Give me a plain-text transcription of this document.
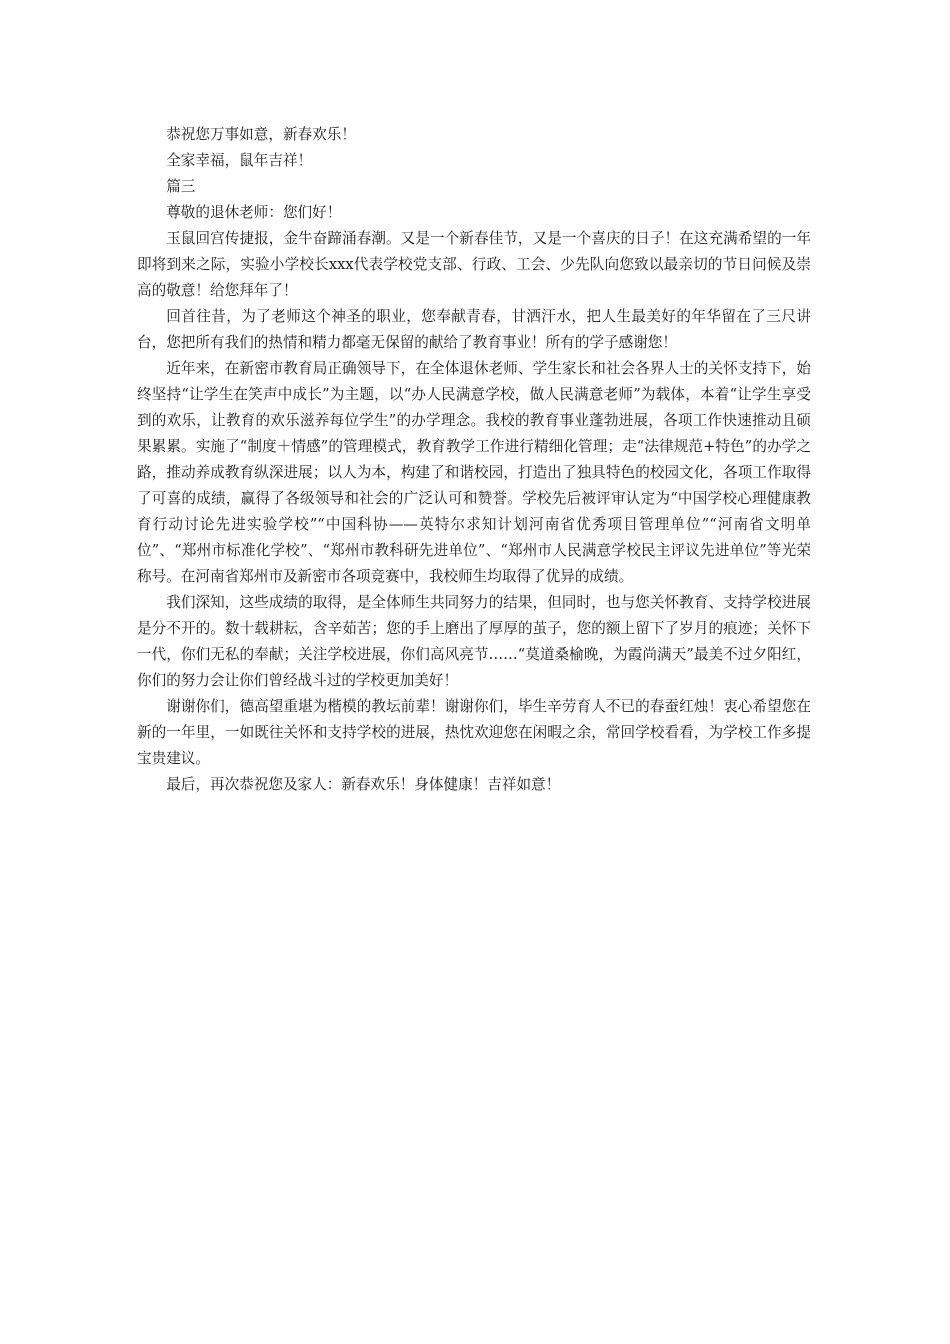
恭祝您万事如意，新春欢乐！

全家幸福，鼠年吉祥！

篇三

尊敬的退休老师：您们好！

玉鼠回宫传捷报，金牛奋蹄涌春潮。又是一个新春佳节，又是一个喜庆的日子！在这充满希望的一年即将到来之际，实验小学校长xxx代表学校党支部、行政、工会、少先队向您致以最亲切的节日问候及崇高的敬意！给您拜年了！

回首往昔，为了老师这个神圣的职业，您奉献青春，甘洒汗水，把人生最美好的年华留在了三尺讲台，您把所有我们的热情和精力都毫无保留的献给了教育事业！所有的学子感谢您！

近年来，在新密市教育局正确领导下，在全体退休老师、学生家长和社会各界人士的关怀支持下，始终坚持“让学生在笑声中成长”为主题，以“办人民满意学校，做人民满意老师”为载体，本着“让学生享受到的欢乐，让教育的欢乐滋养每位学生”的办学理念。我校的教育事业蓬勃进展，各项工作快速推动且硕果累累。实施了“制度＋情感”的管理模式，教育教学工作进行精细化管理；走“法律规范+特色”的办学之路，推动养成教育纵深进展；以人为本，构建了和谐校园，打造出了独具特色的校园文化，各项工作取得了可喜的成绩，赢得了各级领导和社会的广泛认可和赞誉。学校先后被评审认定为“中国学校心理健康教育行动讨论先进实验学校”“中国科协——英特尔求知计划河南省优秀项目管理单位”“河南省文明单位”、“郑州市标准化学校”、“郑州市教科研先进单位”、“郑州市人民满意学校民主评议先进单位”等光荣称号。在河南省郑州市及新密市各项竞赛中，我校师生均取得了优异的成绩。

我们深知，这些成绩的取得，是全体师生共同努力的结果，但同时，也与您关怀教育、支持学校进展是分不开的。数十载耕耘，含辛茹苦；您的手上磨出了厚厚的茧子，您的额上留下了岁月的痕迹；关怀下一代，你们无私的奉献；关注学校进展，你们高风亮节……“莫道桑榆晚，为霞尚满天”最美不过夕阳红，你们的努力会让你们曾经战斗过的学校更加美好！

谢谢你们，德高望重堪为楷模的教坛前辈！谢谢你们，毕生辛劳育人不已的春蚕红烛！衷心希望您在新的一年里，一如既往关怀和支持学校的进展，热忱欢迎您在闲暇之余，常回学校看看，为学校工作多提宝贵建议。

最后，再次恭祝您及家人：新春欢乐！身体健康！吉祥如意！
